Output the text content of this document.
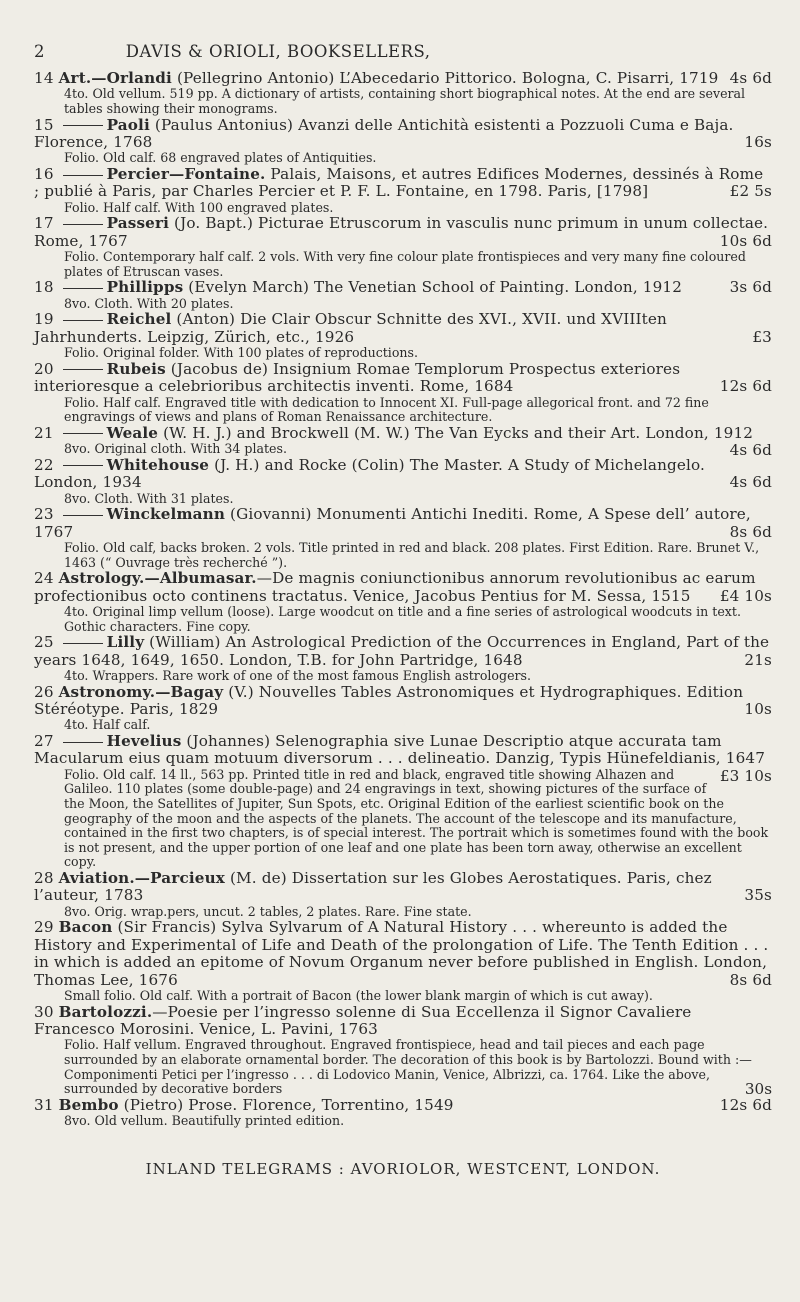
2	DAVIS & ORIOLI, BOOKSELLERS,
14 Art.—Orlandi (Pellegrino Antonio) L’Abecedario Pittorico. Bologna, C. Pisarri, 1719 4s 6d
4to. Old vellum. 519 pp. A dictionary of artists, containing short biographical notes. At the end are several tables showing their monograms.
15	Paoli (Paulus Antonius) Avanzi delle Antichità esistenti a Pozzuoli Cuma e Baja. Florence, 1768	16s
Folio. Old calf. 68 engraved plates of Antiquities.
16	Percier—Fontaine. Palais, Maisons, et autres Edifices Modernes, dessinés à Rome ; publié à Paris, par Charles Percier et P. F. L. Fontaine, en 1798. Paris, [1798]	£2 5s
Folio. Half calf. With 100 engraved plates.
17	Passeri (Jo. Bapt.) Picturae Etruscorum in vasculis nunc primum in unum collectae. Rome, 1767	10s 6d
Folio. Contemporary half calf. 2 vols. With very fine colour plate frontispieces and very many fine coloured plates of Etruscan vases.
18	Phillipps (Evelyn March) The Venetian School of Painting. London, 1912	3s 6d
8vo. Cloth. With 20 plates.
19	Reichel (Anton) Die Clair Obscur Schnitte des XVI., XVII. und XVIIIten Jahrhunderts. Leipzig, Zürich, etc., 1926	£3
Folio. Original folder. With 100 plates of reproductions.
20	Rubeis (Jacobus de) Insignium Romae Templorum Prospectus exteriores interioresque a celebrioribus architectis inventi. Rome, 1684	12s 6d
Folio. Half calf. Engraved title with dedication to Innocent XI. Full-page allegorical front. and 72 fine engravings of views and plans of Roman Renaissance architecture.
21	Weale (W. H. J.) and Brockwell (M. W.) The Van Eycks and their Art. London, 1912
4s 6d
8vo. Original cloth. With 34 plates.
22	Whitehouse (J. H.) and Rocke (Colin) The Master. A Study of Michelangelo. London, 1934	4s 6d
8vo. Cloth. With 31 plates.
23	Winckelmann (Giovanni) Monumenti Antichi Inediti. Rome, A Spese dell’ autore, 1767	8s 6d
Folio. Old calf, backs broken. 2 vols. Title printed in red and black. 208 plates. First Edition. Rare. Brunet V., 1463 (“ Ouvrage très recherché ”).
24 Astrology.—Albumasar.—De magnis coniunctionibus annorum revolutionibus ac earum profectionibus octo continens tractatus. Venice, Jacobus Pentius for M. Sessa, 1515 £4 10s
4to. Original limp vellum (loose). Large woodcut on title and a fine series of astrological woodcuts in text. Gothic characters. Fine copy.
25	Lilly (William) An Astrological Prediction of the Occurrences in England, Part of the years 1648, 1649, 1650. London, T.B. for John Partridge, 1648	21s
4to. Wrappers. Rare work of one of the most famous English astrologers.
26 Astronomy.—Bagay (V.) Nouvelles Tables Astronomiques et Hydrographiques. Edition Stéréotype. Paris, 1829	10s
4to. Half calf.
27	Hevelius (Johannes) Selenographia sive Lunae Descriptio atque accurata tam Macularum eius quam motuum diversorum . . . delineatio. Danzig, Typis Hünefeldianis, 1647
£3 10s
Folio. Old calf. 14 ll., 563 pp. Printed title in red and black, engraved title showing Alhazen and Galileo. 110 plates (some double-page) and 24 engravings in text, showing pictures of the surface of the Moon, the Satellites of Jupiter, Sun Spots, etc. Original Edition of the earliest scientific book on the geography of the moon and the aspects of the planets. The account of the telescope and its manufacture, contained in the first two chapters, is of special interest. The portrait which is sometimes found with the book is not present, and the upper portion of one leaf and one plate has been torn away, otherwise an excellent copy.
28 Aviation.—Parcieux (M. de) Dissertation sur les Globes Aerostatiques. Paris, chez l’auteur, 1783	35s
8vo. Orig. wrap.pers, uncut. 2 tables, 2 plates. Rare. Fine state.
29 Bacon (Sir Francis) Sylva Sylvarum of A Natural History . . . whereunto is added the History and Experimental of Life and Death of the prolongation of Life. The Tenth Edition . . . in which is added an epitome of Novum Organum never before published in English. London, Thomas Lee, 1676	8s 6d
Small folio. Old calf. With a portrait of Bacon (the lower blank margin of which is cut away).
30 Bartolozzi.—Poesie per l’ingresso solenne di Sua Eccellenza il Signor Cavaliere Francesco Morosini. Venice, L. Pavini, 1763
Folio. Half vellum. Engraved throughout. Engraved frontispiece, head and tail pieces and each page surrounded by an elaborate ornamental border. The decoration of this book is by Bartolozzi. Bound with :—Componimenti Petici per l’ingresso . . . di Lodovico Manin, Venice, Albrizzi, ca. 1764. Like the above, surrounded by decorative borders	30s
31 Bembo (Pietro) Prose. Florence, Torrentino, 1549	12s 6d
8vo. Old vellum. Beautifully printed edition.
INLAND TELEGRAMS : AVORIOLOR, WESTCENT, LONDON.
